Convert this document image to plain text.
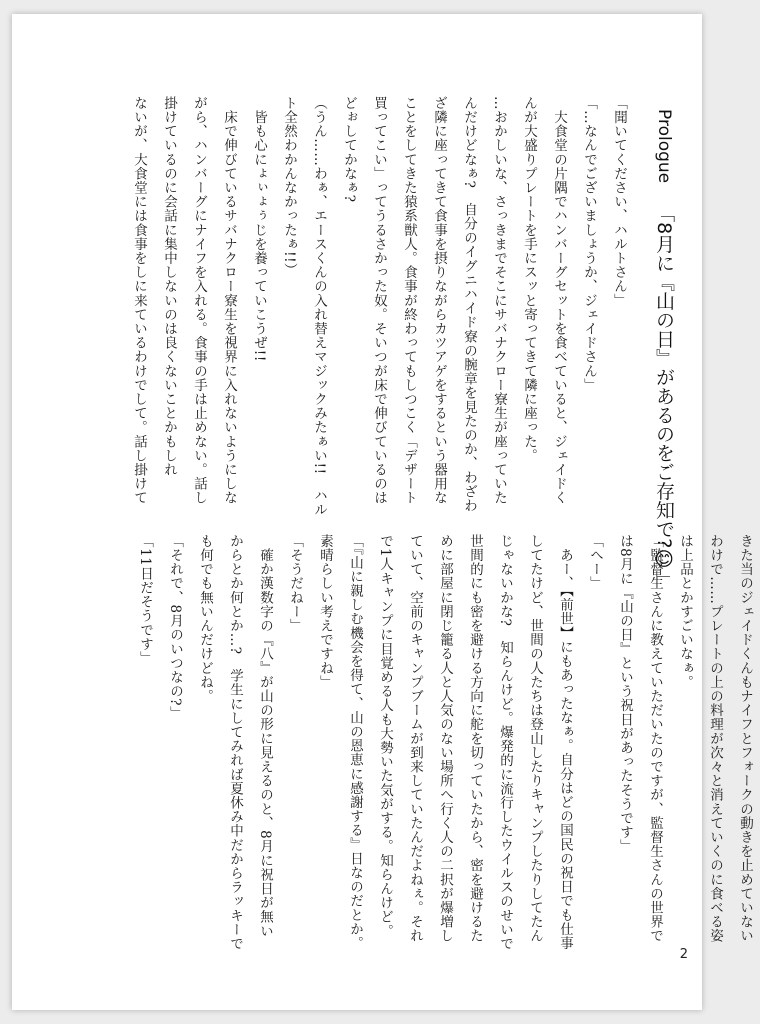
Prologue 「8月に『山の日』があるのをご存知で?😊」
「聞いてください、ハルトさん」
「…なんでございましょうか、ジェイドさん」
　大食堂の片隅でハンバーグセットを食べていると、ジェイドく
んが大盛りプレートを手にスッと寄ってきて隣に座った。
…おかしいな、さっきまでそこにサバナクロー寮生が座っていた
んだけどなぁ?　自分のイグニハイド寮の腕章を見たのか、わざわ
ざ隣に座ってきて食事を摂りながらカツアゲをするという器用な
ことをしてきた猿系獣人。食事が終わってもしつこく「デザート
買ってこい」ってうるさかった奴。そいつが床で伸びているのは
どぉしてかなぁ?
（うん……わぁ、エースくんの入れ替えマジックみたぁい!!　ハル
ト全然わかんなかったぁ!!）
　皆も心にょぃょぅじを養っていこうぜ!!
　床で伸びているサバナクロー寮生を視界に入れないようにしな
がら、ハンバーグにナイフを入れる。食事の手は止めない。話し
掛けているのに会話に集中しないのは良くないことかもしれ
ないが、大食堂には食事をしに来ているわけでして。話し掛けて
きた当のジェイドくんもナイフとフォークの動きを止めていない
わけで……プレートの上の料理が次々と消えていくのに食べる姿
は上品とかすごいなぁ。
「監督生さんに教えていただいたのですが、監督生さんの世界で
は8月に『山の日』という祝日があったそうです」
「へー」
　あー、【前世】にもあったなぁ。自分はどの国民の祝日でも仕事
してたけど、世間の人たちは登山したりキャンプしたりしてたん
じゃないかな?　知らんけど。爆発的に流行したウイルスのせいで
世間的にも密を避ける方向に舵を切っていたから、密を避けるた
めに部屋に閉じ籠る人と人気のない場所へ行く人の二択が爆増し
ていて、空前のキャンプブームが到来していたんだよねぇ。それ
で1人キャンプに目覚める人も大勢いた気がする。知らんけど。
「『山に親しむ機会を得て、山の恩恵に感謝する』日なのだとか。
素晴らしい考えですね」
「そうだねー」
　確か漢数字の『八』が山の形に見えるのと、8月に祝日が無い
からとか何とか…?　学生にしてみれば夏休み中だからラッキーで
も何でも無いんだけどね。
「それで、8月のいつなの?」
「11日だそうです」
2
